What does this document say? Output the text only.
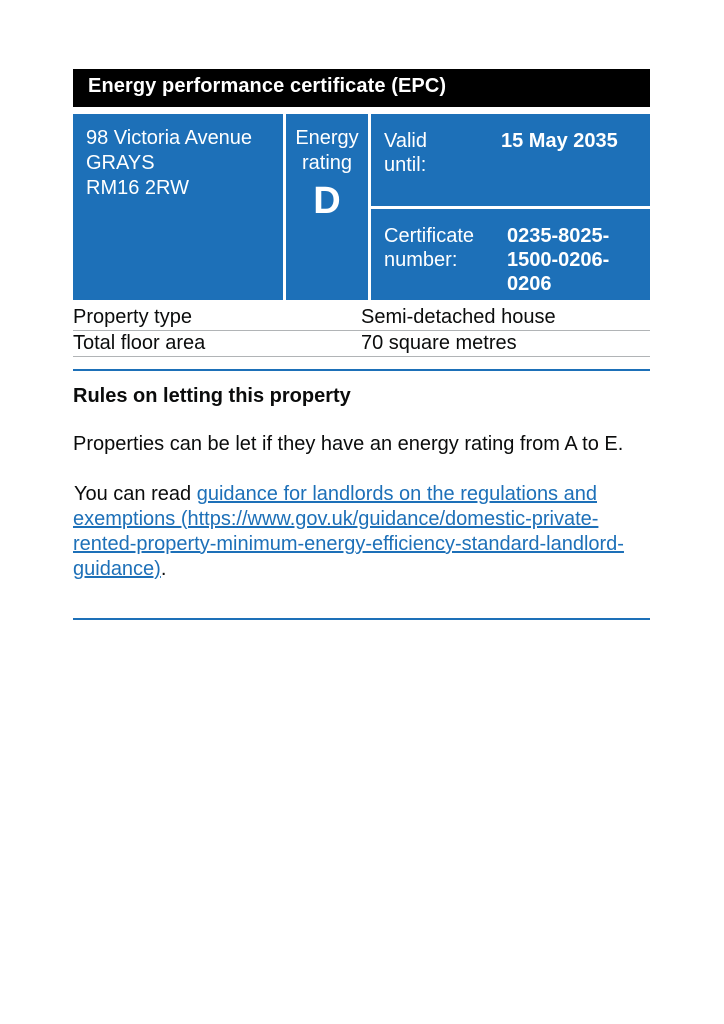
Energy performance certificate (EPC)
98 Victoria Avenue
GRAYS
RM16 2RW
Energy
rating
D
Valid
until:
15 May 2035
Certificate
number:
0235-8025-
1500-0206-
0206
Property type	Semi-detached house
Total floor area	70 square metres
Rules on letting this property

Properties can be let if they have an energy rating from A to E.

You can read guidance for landlords on the regulations and exemptions (https://www.gov.uk/guidance/domestic-private-rented-property-minimum-energy-efficiency-standard-landlord-guidance).
